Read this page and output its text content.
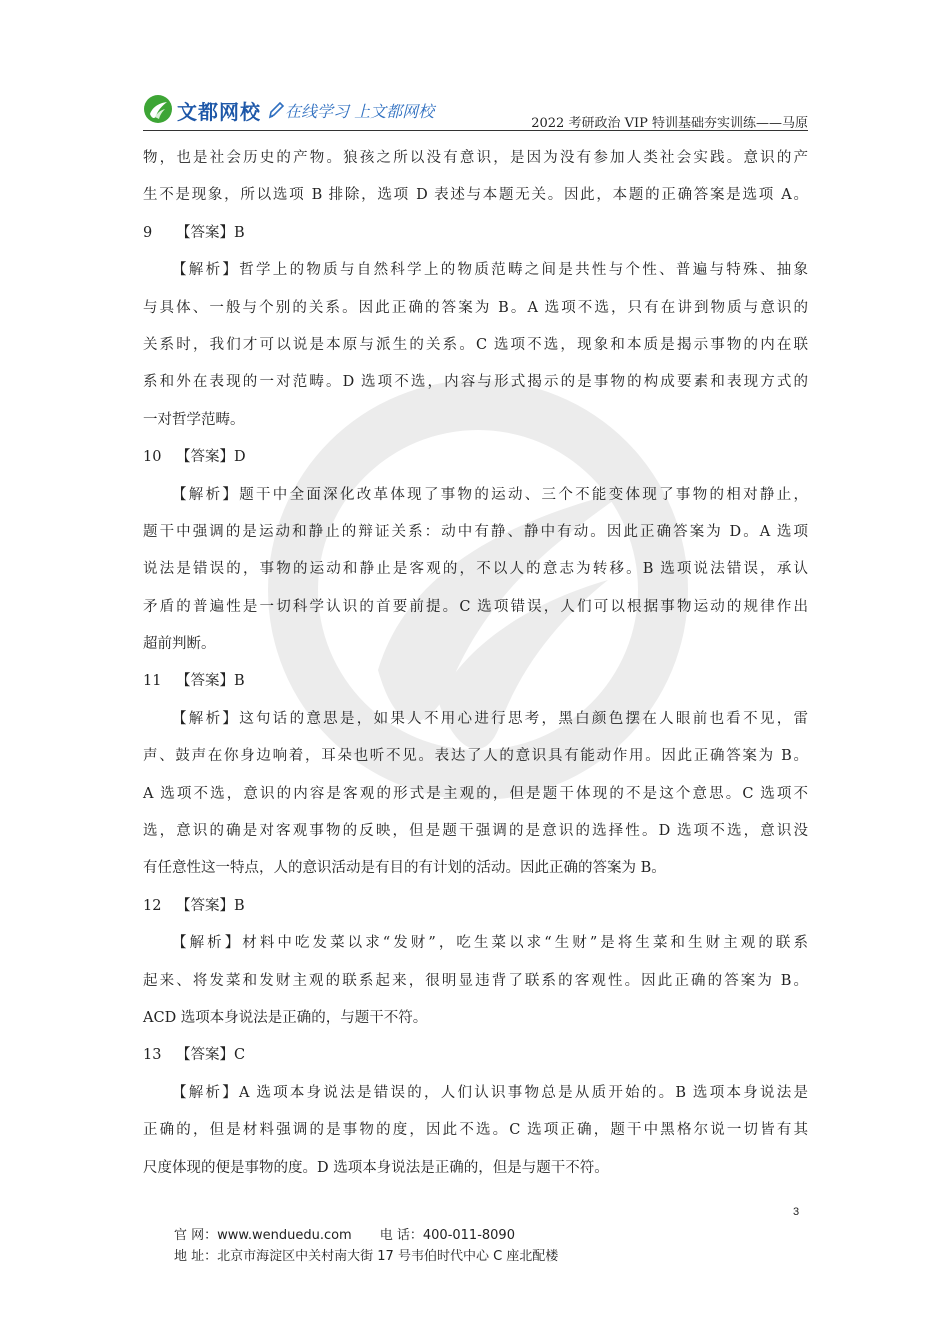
文都网校 在线学习 上文都网校
2022 考研政治 VIP 特训基础夯实训练——马原
物，也是社会历史的产物。狼孩之所以没有意识，是因为没有参加人类社会实践。意识的产
生不是现象，所以选项 B 排除，选项 D 表述与本题无关。因此，本题的正确答案是选项 A。
9 【答案】B
【解析】哲学上的物质与自然科学上的物质范畴之间是共性与个性、普遍与特殊、抽象
与具体、一般与个别的关系。因此正确的答案为 B。A 选项不选，只有在讲到物质与意识的
关系时，我们才可以说是本原与派生的关系。C 选项不选，现象和本质是揭示事物的内在联
系和外在表现的一对范畴。D 选项不选，内容与形式揭示的是事物的构成要素和表现方式的
一对哲学范畴。
10 【答案】D
【解析】题干中全面深化改革体现了事物的运动、三个不能变体现了事物的相对静止，
题干中强调的是运动和静止的辩证关系：动中有静、静中有动。因此正确答案为 D。A 选项
说法是错误的，事物的运动和静止是客观的，不以人的意志为转移。B 选项说法错误，承认
矛盾的普遍性是一切科学认识的首要前提。C 选项错误，人们可以根据事物运动的规律作出
超前判断。
11 【答案】B
【解析】这句话的意思是，如果人不用心进行思考，黑白颜色摆在人眼前也看不见，雷
声、鼓声在你身边响着，耳朵也听不见。表达了人的意识具有能动作用。因此正确答案为 B。
A 选项不选，意识的内容是客观的形式是主观的，但是题干体现的不是这个意思。C 选项不
选，意识的确是对客观事物的反映，但是题干强调的是意识的选择性。D 选项不选，意识没
有任意性这一特点，人的意识活动是有目的有计划的活动。因此正确的答案为 B。
12 【答案】B
【解析】材料中吃发菜以求“发财”，吃生菜以求“生财”是将生菜和生财主观的联系
起来、将发菜和发财主观的联系起来，很明显违背了联系的客观性。因此正确的答案为 B。
ACD 选项本身说法是正确的，与题干不符。
13 【答案】C
【解析】A 选项本身说法是错误的，人们认识事物总是从质开始的。B 选项本身说法是
正确的，但是材料强调的是事物的度，因此不选。C 选项正确，题干中黑格尔说一切皆有其
尺度体现的便是事物的度。D 选项本身说法是正确的，但是与题干不符。
3
官 网：www.wenduedu.com 电 话：400-011-8090
地 址：北京市海淀区中关村南大街 17 号韦伯时代中心 C 座北配楼
